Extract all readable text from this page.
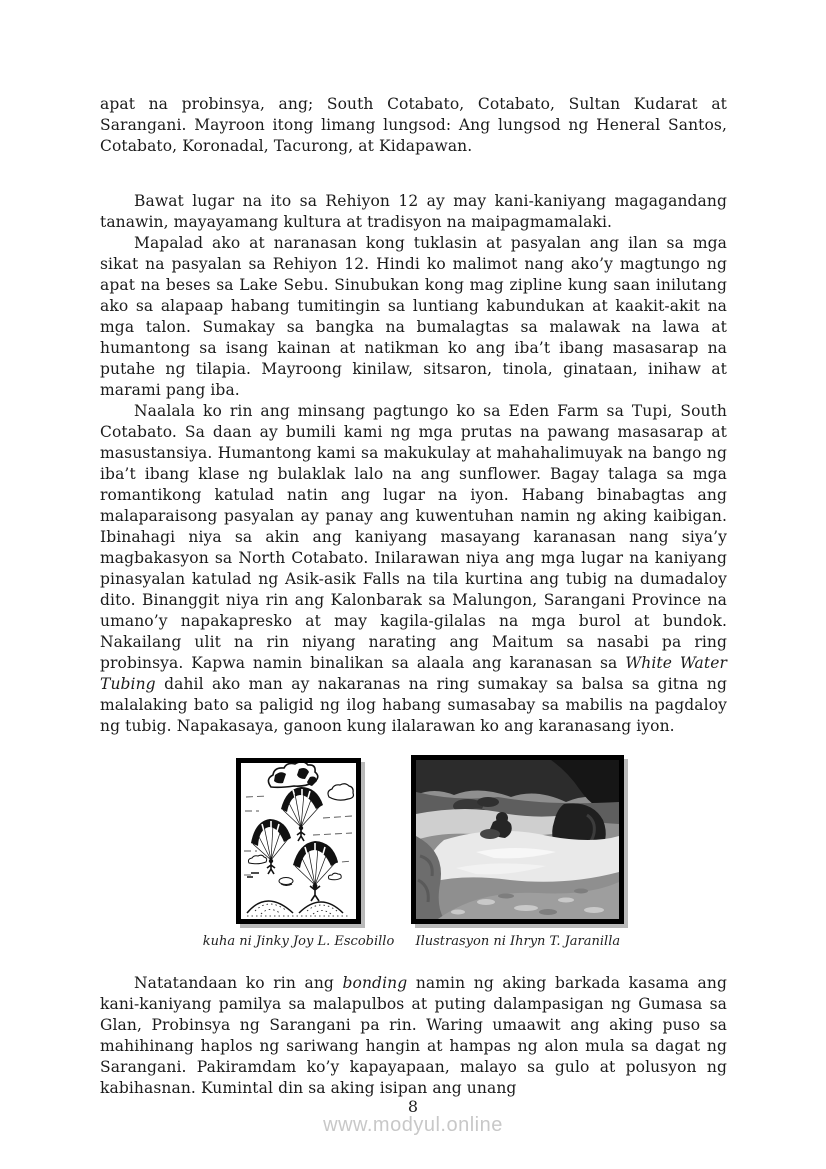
apat na probinsya, ang; South Cotabato, Cotabato, Sultan Kudarat at Sarangani. Mayroon itong limang lungsod: Ang lungsod ng Heneral Santos, Cotabato, Koronadal, Tacurong, at Kidapawan.

Bawat lugar na ito sa Rehiyon 12 ay may kani-kaniyang magagandang tanawin, mayayamang kultura at tradisyon na maipagmamalaki.

Mapalad ako at naranasan kong tuklasin at pasyalan ang ilan sa mga sikat na pasyalan sa Rehiyon 12. Hindi ko malimot nang ako’y magtungo ng apat na beses sa Lake Sebu. Sinubukan kong mag zipline kung saan inilutang ako sa alapaap habang tumitingin sa luntiang kabundukan at kaakit-akit na mga talon. Sumakay sa bangka na bumalagtas sa malawak na lawa at humantong sa isang kainan at natikman ko ang iba’t ibang masasarap na putahe ng tilapia. Mayroong kinilaw, sitsaron, tinola, ginataan, inihaw at marami pang iba.

Naalala ko rin ang minsang pagtungo ko sa Eden Farm sa Tupi, South Cotabato. Sa daan ay bumili kami ng mga prutas na pawang masasarap at masustansiya. Humantong kami sa makukulay at mahahalimuyak na bango ng iba’t ibang klase ng bulaklak lalo na ang sunflower. Bagay talaga sa mga romantikong katulad natin ang lugar na iyon. Habang binabagtas ang malaparaisong pasyalan ay panay ang kuwentuhan namin ng aking kaibigan. Ibinahagi niya sa akin ang kaniyang masayang karanasan nang siya’y magbakasyon sa North Cotabato. Inilarawan niya ang mga lugar na kaniyang pinasyalan katulad ng Asik-asik Falls na tila kurtina ang tubig na dumadaloy dito. Binanggit niya rin ang Kalonbarak sa Malungon, Sarangani Province na umano’y napakapresko at may kagila-gilalas na mga burol at bundok. Nakailang ulit na rin niyang narating ang Maitum sa nasabi pa ring probinsya. Kapwa namin binalikan sa alaala ang karanasan sa White Water Tubing dahil ako man ay nakaranas na ring sumakay sa balsa sa gitna ng malalaking bato sa paligid ng ilog habang sumasabay sa mabilis na pagdaloy ng tubig. Napakasaya, ganoon kung ilalarawan ko ang karanasang iyon.

kuha ni Jinky Joy L. Escobillo	Ilustrasyon ni Ihryn T. Jaranilla

Natatandaan ko rin ang bonding namin ng aking barkada kasama ang kani-kaniyang pamilya sa malapulbos at puting dalampasigan ng Gumasa sa Glan, Probinsya ng Sarangani pa rin. Waring umaawit ang aking puso sa mahihinang haplos ng sariwang hangin at hampas ng alon mula sa dagat ng Sarangani. Pakiramdam ko’y kapayapaan, malayo sa gulo at polusyon ng kabihasnan. Kumintal din sa aking isipan ang unang

8
www.modyul.online
